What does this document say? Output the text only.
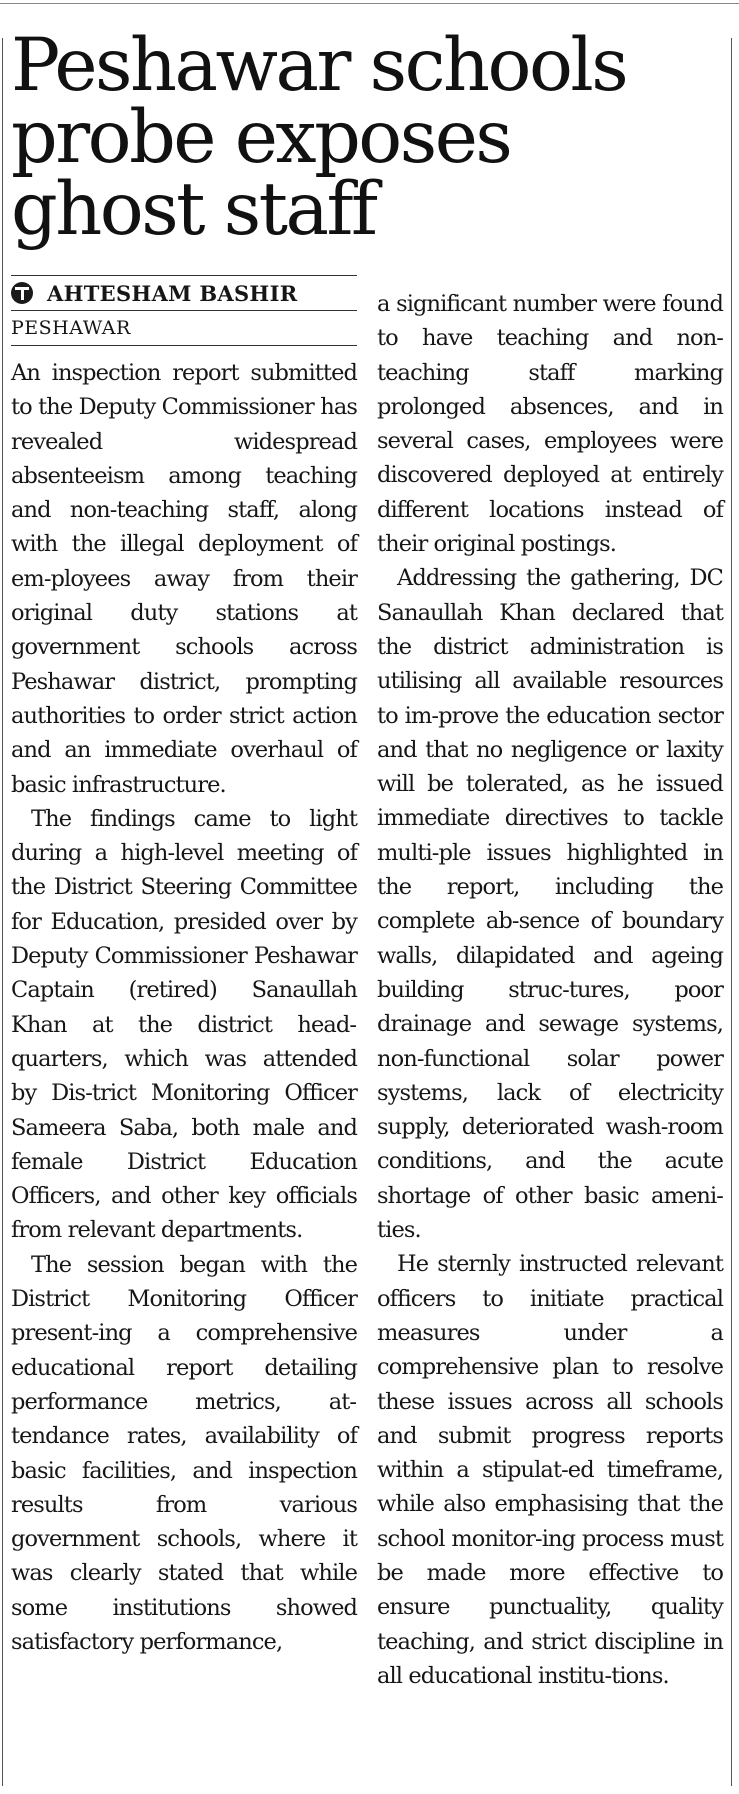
Peshawar schools probe exposes ghost staff
AHTESHAM BASHIR
PESHAWAR

An inspection report submitted to the Deputy Commissioner has revealed widespread absenteeism among teaching and non-teaching staff, along with the illegal deployment of em-ployees away from their original duty stations at government schools across Peshawar district, prompting authorities to order strict action and an immediate overhaul of basic infrastructure.

The findings came to light during a high-level meeting of the District Steering Committee for Education, presided over by Deputy Commissioner Peshawar Captain (retired) Sanaullah Khan at the district headquarters, which was attended by Dis-trict Monitoring Officer Sameera Saba, both male and female District Education Officers, and other key officials from relevant departments.

The session began with the District Monitoring Officer present-ing a comprehensive educational report detailing performance metrics, attendance rates, availability of basic facilities, and inspection results from various government schools, where it was clearly stated that while some institutions showed satisfactory performance,

a significant number were found to have teaching and non-teaching staff marking prolonged absences, and in several cases, employees were discovered deployed at entirely different locations instead of their original postings.

Addressing the gathering, DC Sanaullah Khan declared that the district administration is utilising all available resources to im-prove the education sector and that no negligence or laxity will be tolerated, as he issued immediate directives to tackle multi-ple issues highlighted in the report, including the complete ab-sence of boundary walls, dilapidated and ageing building struc-tures, poor drainage and sewage systems, non-functional solar power systems, lack of electricity supply, deteriorated wash-room conditions, and the acute shortage of other basic ameni-ties.

He sternly instructed relevant officers to initiate practical measures under a comprehensive plan to resolve these issues across all schools and submit progress reports within a stipulat-ed timeframe, while also emphasising that the school monitor-ing process must be made more effective to ensure punctuality, quality teaching, and strict discipline in all educational institu-tions.
